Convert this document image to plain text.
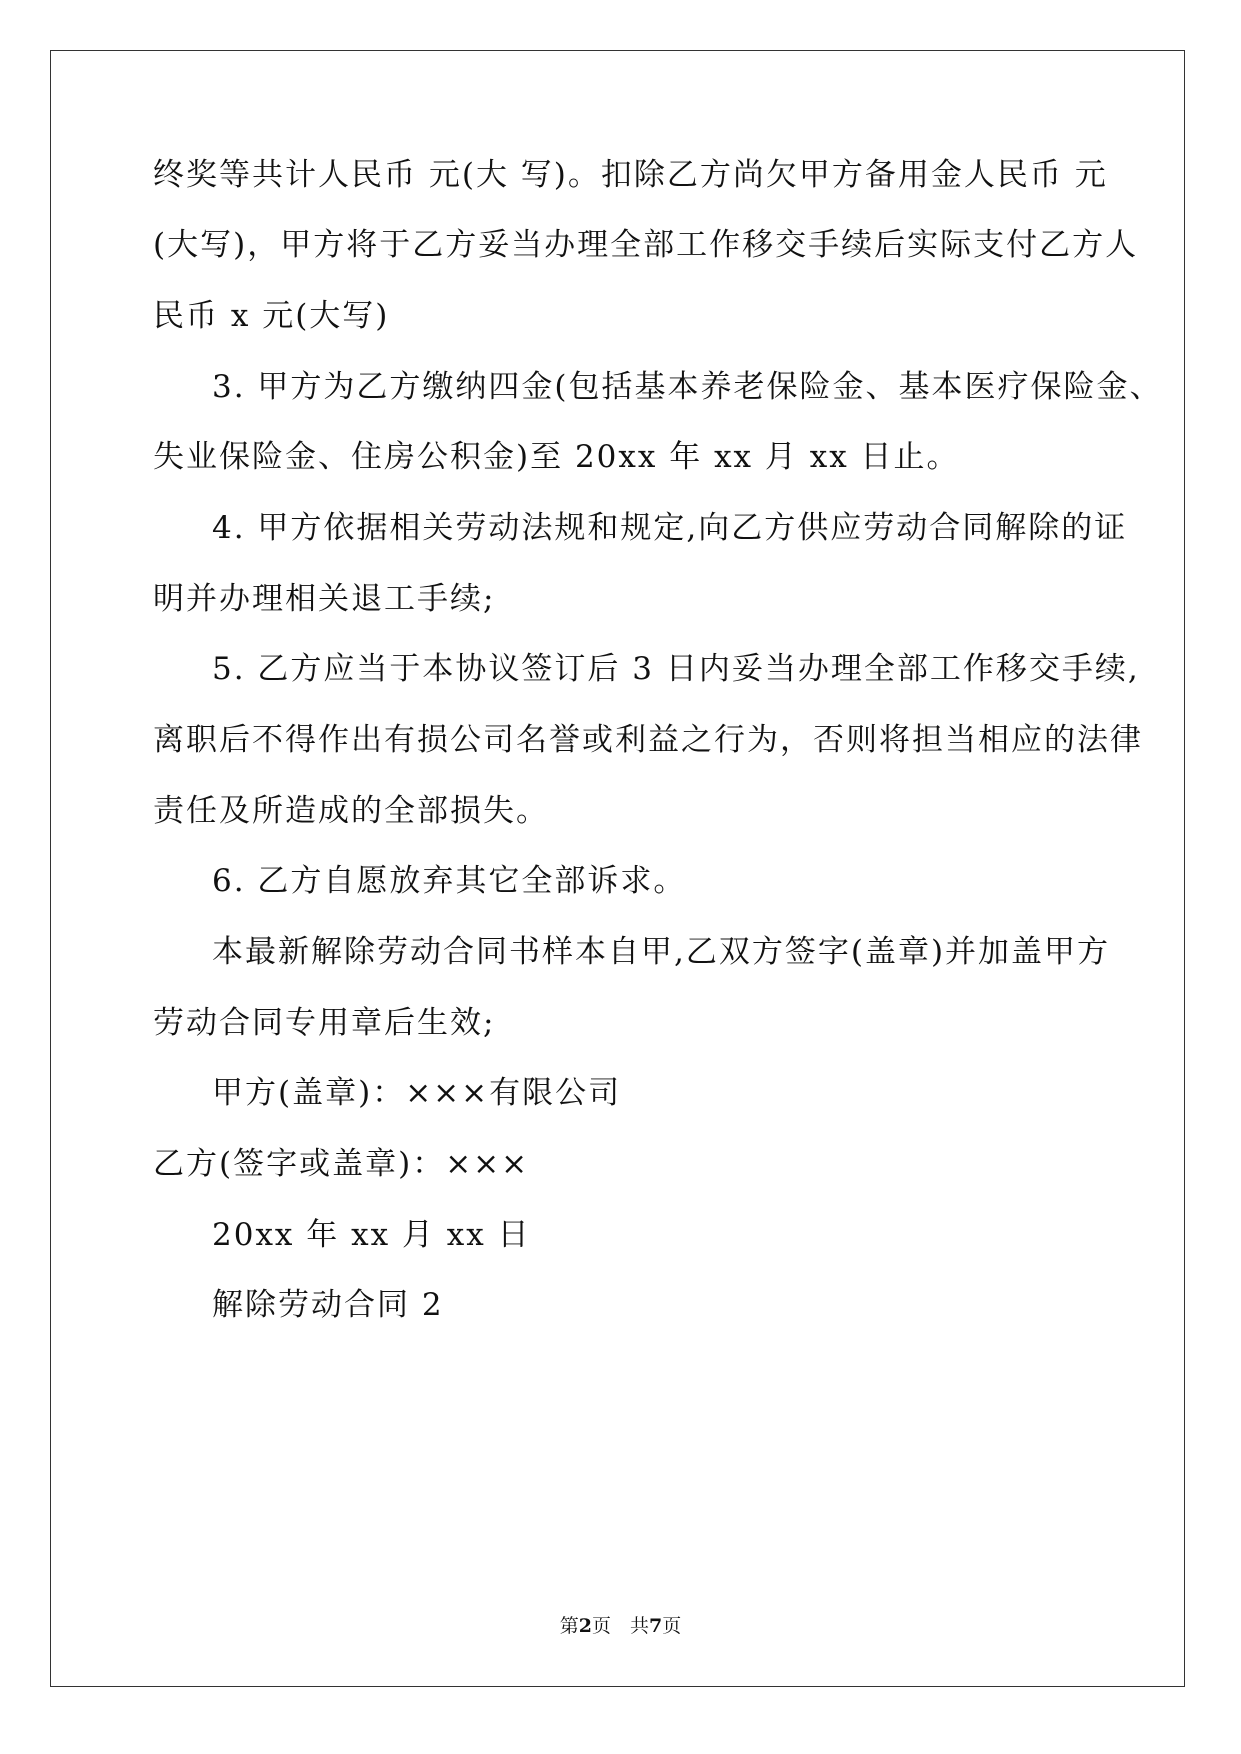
终奖等共计人民币 元(大 写)。扣除乙方尚欠甲方备用金人民币 元
(大写)，甲方将于乙方妥当办理全部工作移交手续后实际支付乙方人
民币 x 元(大写)
3. 甲方为乙方缴纳四金(包括基本养老保险金、基本医疗保险金、
失业保险金、住房公积金)至 20xx 年 xx 月 xx 日止。
4. 甲方依据相关劳动法规和规定,向乙方供应劳动合同解除的证
明并办理相关退工手续;
5. 乙方应当于本协议签订后 3 日内妥当办理全部工作移交手续,
离职后不得作出有损公司名誉或利益之行为，否则将担当相应的法律
责任及所造成的全部损失。
6. 乙方自愿放弃其它全部诉求。
本最新解除劳动合同书样本自甲,乙双方签字(盖章)并加盖甲方
劳动合同专用章后生效;
甲方(盖章)：×××有限公司
乙方(签字或盖章)：×××
20xx 年 xx 月 xx 日
解除劳动合同 2
第2页　共7页
